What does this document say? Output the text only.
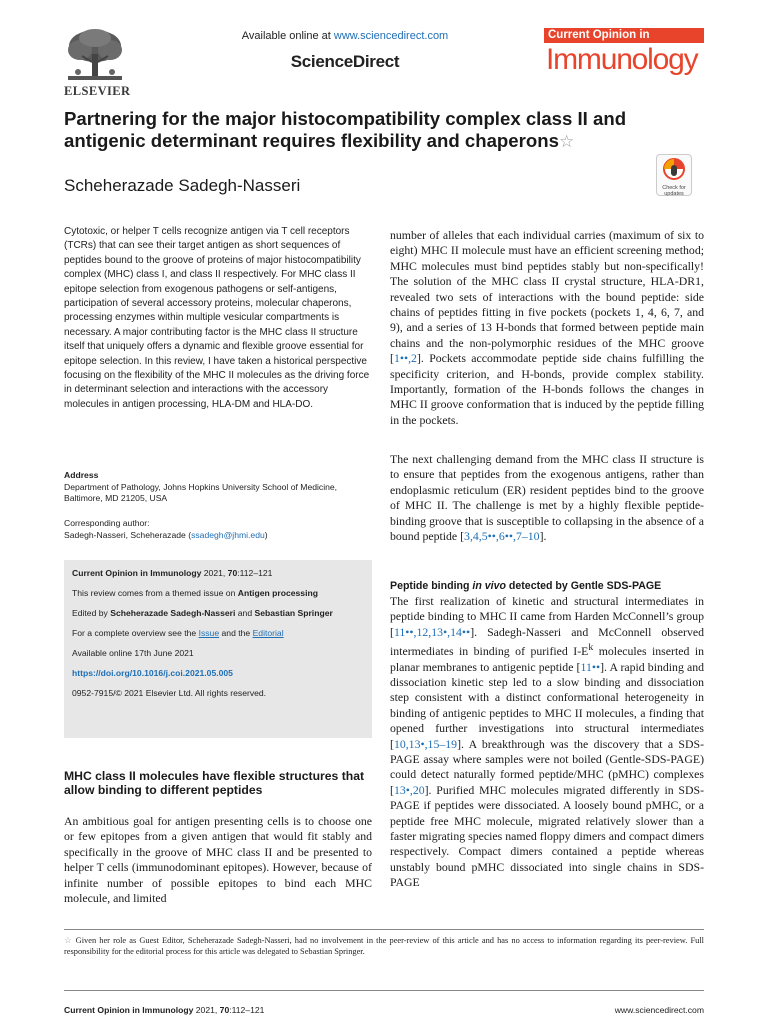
ELSEVIER
Available online at www.sciencedirect.com
ScienceDirect
Current Opinion in
Immunology
Partnering for the major histocompatibility complex class II and antigenic determinant requires flexibility and chaperons☆
Scheherazade Sadegh-Nasseri	Check for
updates
Cytotoxic, or helper T cells recognize antigen via T cell receptors (TCRs) that can see their target antigen as short sequences of peptides bound to the groove of proteins of major histocompatibility complex (MHC) class I, and class II respectively. For MHC class II epitope selection from exogenous pathogens or self-antigens, participation of several accessory proteins, molecular chaperons, processing enzymes within multiple vesicular compartments is necessary. A major contributing factor is the MHC class II structure itself that uniquely offers a dynamic and flexible groove essential for epitope selection. In this review, I have taken a historical perspective focusing on the flexibility of the MHC II molecules as the driving force in determinant selection and interactions with the accessory molecules in antigen processing, HLA-DM and HLA-DO.
Address
Department of Pathology, Johns Hopkins University School of Medicine, Baltimore, MD 21205, USA
Corresponding author:
Sadegh-Nasseri, Scheherazade (ssadegh@jhmi.edu)

Current Opinion in Immunology 2021, 70:112–121

This review comes from a themed issue on Antigen processing

Edited by Scheherazade Sadegh-Nasseri and Sebastian Springer

For a complete overview see the Issue and the Editorial

Available online 17th June 2021

https://doi.org/10.1016/j.coi.2021.05.005

0952-7915/© 2021 Elsevier Ltd. All rights reserved.

MHC class II molecules have flexible structures that allow binding to different peptides
An ambitious goal for antigen presenting cells is to choose one or few epitopes from a given antigen that would fit stably and specifically in the groove of MHC class II and be presented to helper T cells (immunodominant epitopes). However, because of infinite number of possible epitopes to bind each MHC molecule, and limited
number of alleles that each individual carries (maximum of six to eight) MHC II molecule must have an efficient screening method; MHC molecules must bind peptides stably but non-specifically! The solution of the MHC class II crystal structure, HLA-DR1, revealed two sets of interactions with the bound peptide: side chains of peptides fitting in five pockets (pockets 1, 4, 6, 7, and 9), and a series of 13 H-bonds that formed between peptide main chains and the non-polymorphic residues of the MHC groove [1••,2]. Pockets accommodate peptide side chains fulfilling the specificity criterion, and H-bonds, provide complex stability. Importantly, formation of the H-bonds follows the changes in MHC II groove conformation that is induced by the peptide filling in the pockets.
The next challenging demand from the MHC class II structure is to ensure that peptides from the exogenous antigens, rather than endoplasmic reticulum (ER) resident peptides bind to the groove of MHC II. The challenge is met by a highly flexible peptide-binding groove that is susceptible to collapsing in the absence of a bound peptide [3,4,5••,6••,7–10].
Peptide binding in vivo detected by Gentle SDS-PAGE
The first realization of kinetic and structural intermediates in peptide binding to MHC II came from Harden McConnell’s group [11••,12,13•,14••]. Sadegh-Nasseri and McConnell observed intermediates in binding of purified $I-E^k$ molecules inserted in planar membranes to antigenic peptide [11••]. A rapid binding and dissociation kinetic step led to a slow binding and dissociation step consistent with a distinct conformational heterogeneity in binding of antigenic peptides to MHC II molecules, a finding that opened further investigations into structural intermediates [10,13•,15–19]. A breakthrough was the discovery that a SDS-PAGE assay where samples were not boiled (Gentle-SDS-PAGE) could detect naturally formed peptide/MHC (pMHC) complexes [13•,20]. Purified MHC molecules migrated differently in SDS-PAGE if peptides were dissociated. A loosely bound pMHC, or a peptide free MHC molecule, migrated relatively slower than a faster migrating species named floppy dimers and compact dimers respectively. Compact dimers contained a peptide whereas unstably bound pMHC dissociated into single chains in SDS-PAGE
☆ Given her role as Guest Editor, Scheherazade Sadegh-Nasseri, had no involvement in the peer-review of this article and has no access to information regarding its peer-review. Full responsibility for the editorial process for this article was delegated to Sebastian Springer.
Current Opinion in Immunology 2021, 70:112–121	www.sciencedirect.com
